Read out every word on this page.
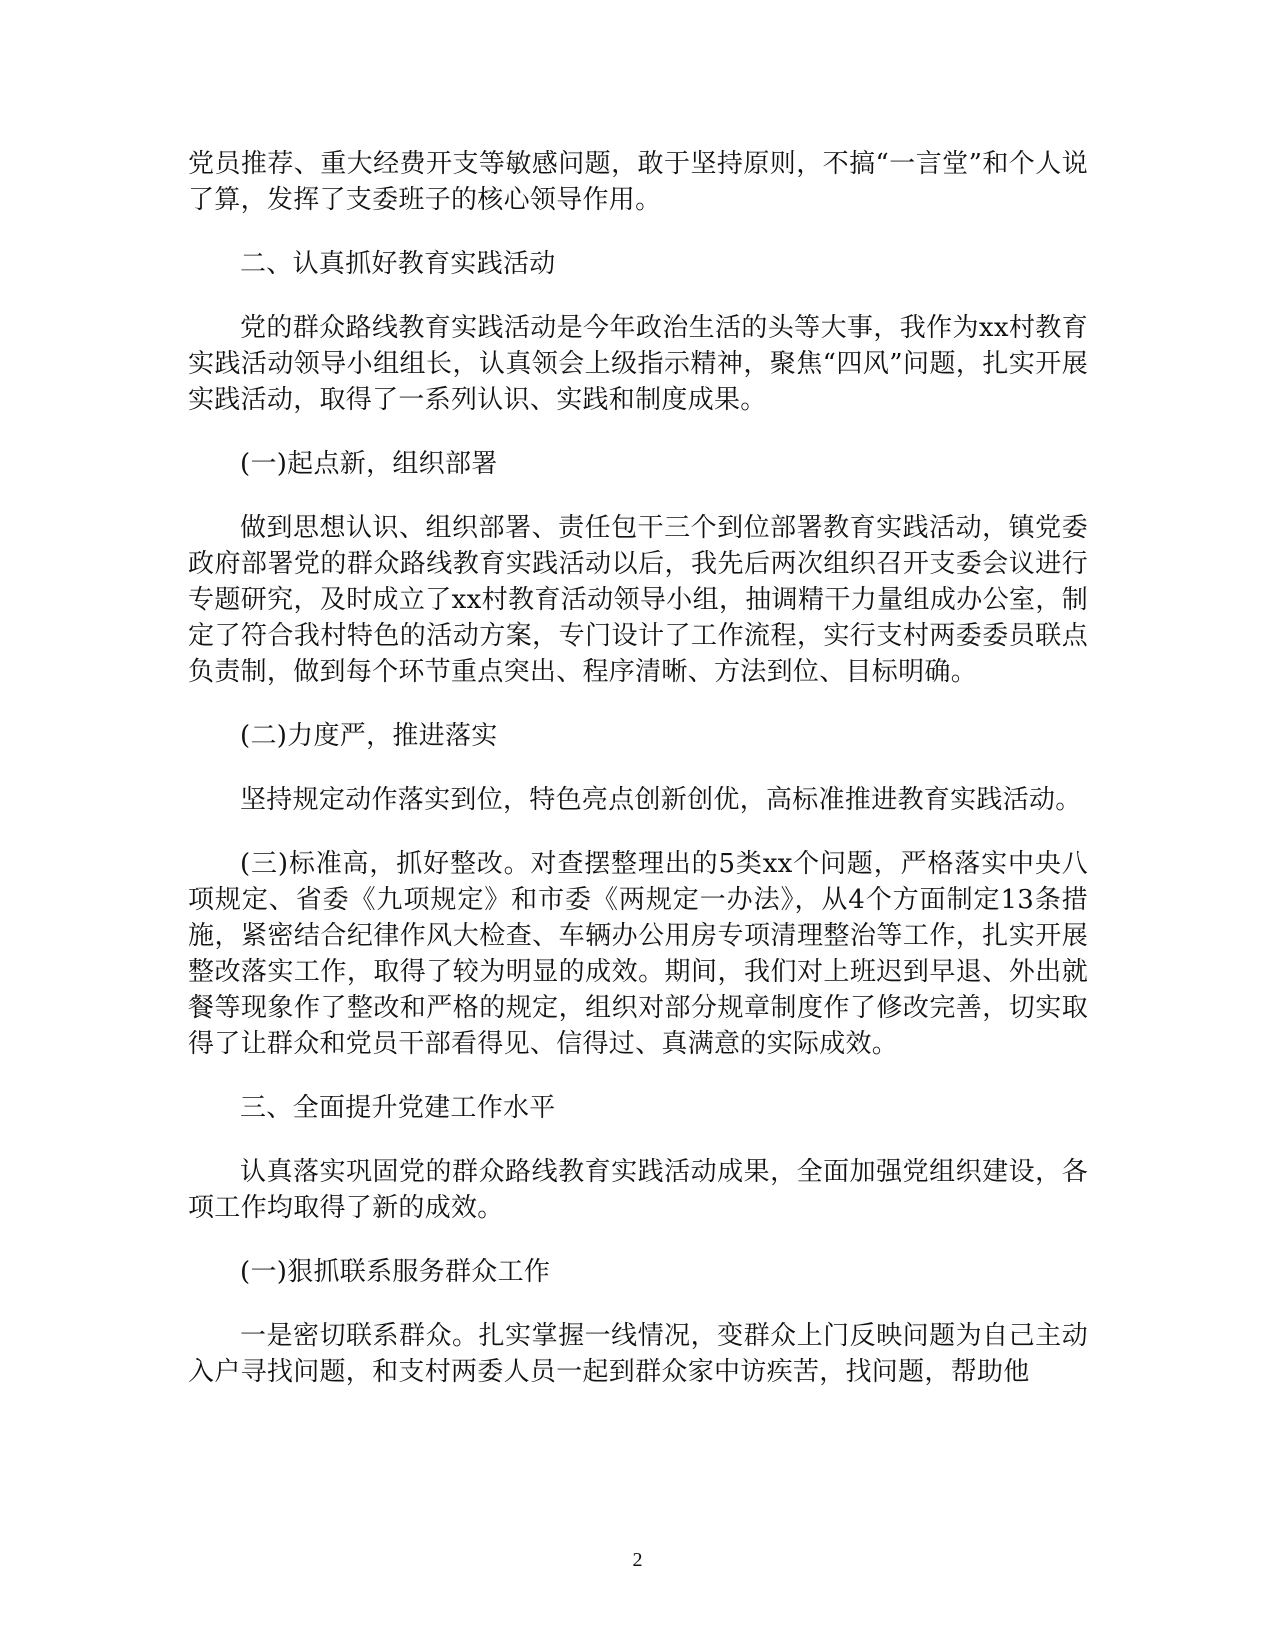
党员推荐、重大经费开支等敏感问题，敢于坚持原则，不搞“一言堂”和个人说了算，发挥了支委班子的核心领导作用。

二、认真抓好教育实践活动

党的群众路线教育实践活动是今年政治生活的头等大事，我作为xx村教育实践活动领导小组组长，认真领会上级指示精神，聚焦“四风”问题，扎实开展实践活动，取得了一系列认识、实践和制度成果。

(一)起点新，组织部署

做到思想认识、组织部署、责任包干三个到位部署教育实践活动，镇党委政府部署党的群众路线教育实践活动以后，我先后两次组织召开支委会议进行专题研究，及时成立了xx村教育活动领导小组，抽调精干力量组成办公室，制定了符合我村特色的活动方案，专门设计了工作流程，实行支村两委委员联点负责制，做到每个环节重点突出、程序清晰、方法到位、目标明确。

(二)力度严，推进落实

坚持规定动作落实到位，特色亮点创新创优，高标准推进教育实践活动。

(三)标准高，抓好整改。对查摆整理出的5类xx个问题，严格落实中央八项规定、省委《九项规定》和市委《两规定一办法》，从4个方面制定13条措施，紧密结合纪律作风大检查、车辆办公用房专项清理整治等工作，扎实开展整改落实工作，取得了较为明显的成效。期间，我们对上班迟到早退、外出就餐等现象作了整改和严格的规定，组织对部分规章制度作了修改完善，切实取得了让群众和党员干部看得见、信得过、真满意的实际成效。

三、全面提升党建工作水平

认真落实巩固党的群众路线教育实践活动成果，全面加强党组织建设，各项工作均取得了新的成效。

(一)狠抓联系服务群众工作

一是密切联系群众。扎实掌握一线情况，变群众上门反映问题为自己主动入户寻找问题，和支村两委人员一起到群众家中访疾苦，找问题，帮助他

2
